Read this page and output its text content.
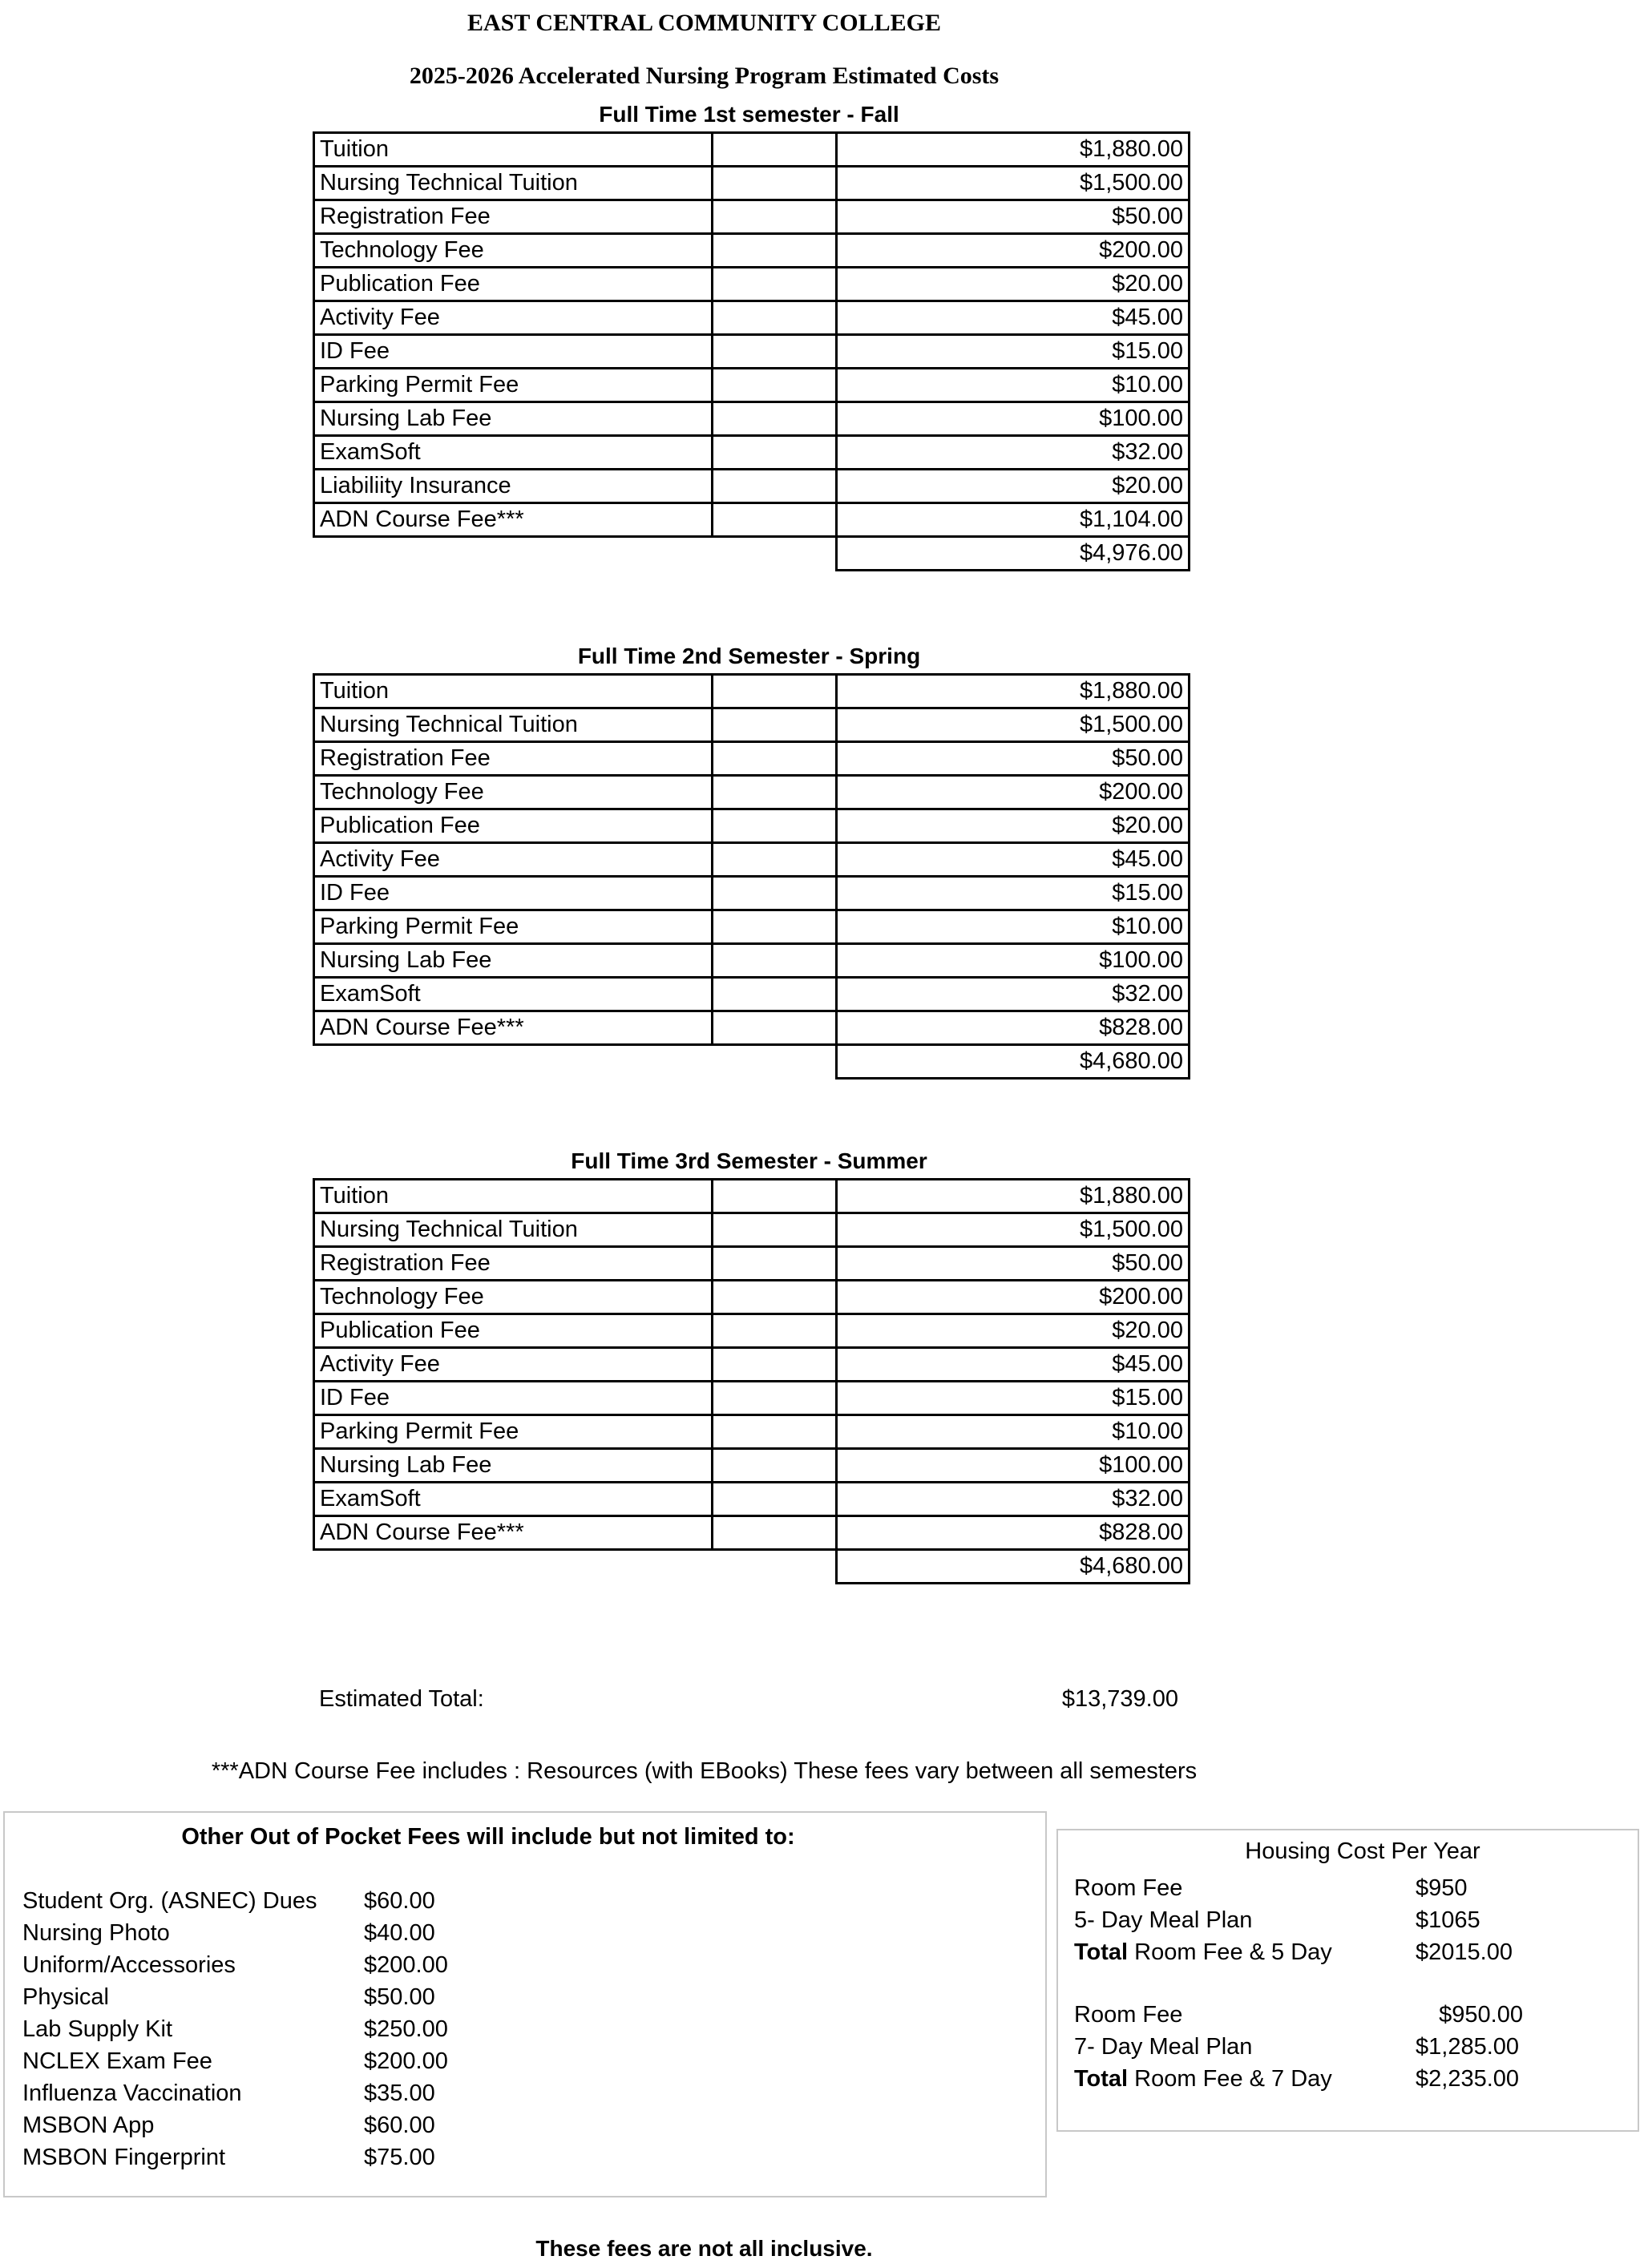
EAST CENTRAL COMMUNITY COLLEGE
2025-2026 Accelerated Nursing Program Estimated Costs
Full Time 1st semester - Fall
Tuition		$1,880.00
Nursing Technical Tuition		$1,500.00
Registration Fee		$50.00
Technology Fee		$200.00
Publication Fee		$20.00
Activity Fee		$45.00
ID Fee		$15.00
Parking Permit Fee		$10.00
Nursing Lab Fee		$100.00
ExamSoft		$32.00
Liabiliity Insurance		$20.00
ADN Course Fee***		$1,104.00
		$4,976.00
Full Time 2nd Semester - Spring
Tuition		$1,880.00
Nursing Technical Tuition		$1,500.00
Registration Fee		$50.00
Technology Fee		$200.00
Publication Fee		$20.00
Activity Fee		$45.00
ID Fee		$15.00
Parking Permit Fee		$10.00
Nursing Lab Fee		$100.00
ExamSoft		$32.00
ADN Course Fee***		$828.00
		$4,680.00
Full Time 3rd Semester - Summer
Tuition		$1,880.00
Nursing Technical Tuition		$1,500.00
Registration Fee		$50.00
Technology Fee		$200.00
Publication Fee		$20.00
Activity Fee		$45.00
ID Fee		$15.00
Parking Permit Fee		$10.00
Nursing Lab Fee		$100.00
ExamSoft		$32.00
ADN Course Fee***		$828.00
		$4,680.00
Estimated Total:	$13,739.00
***ADN Course Fee includes : Resources (with EBooks) These fees vary between all semesters
Other Out of Pocket Fees will include but not limited to:
Student Org. (ASNEC) Dues $60.00
Nursing Photo	$40.00
Uniform/Accessories	$200.00
Physical	$50.00
Lab Supply Kit	$250.00
NCLEX Exam Fee	$200.00
Influenza Vaccination	$35.00
MSBON App	$60.00
MSBON Fingerprint	$75.00
Housing Cost Per Year
Room Fee	$950
5- Day Meal Plan	$1065
Total Room Fee & 5 Day	$2015.00
Room Fee	$950.00
7- Day Meal Plan	$1,285.00
Total Room Fee & 7 Day	$2,235.00
These fees are not all inclusive.
